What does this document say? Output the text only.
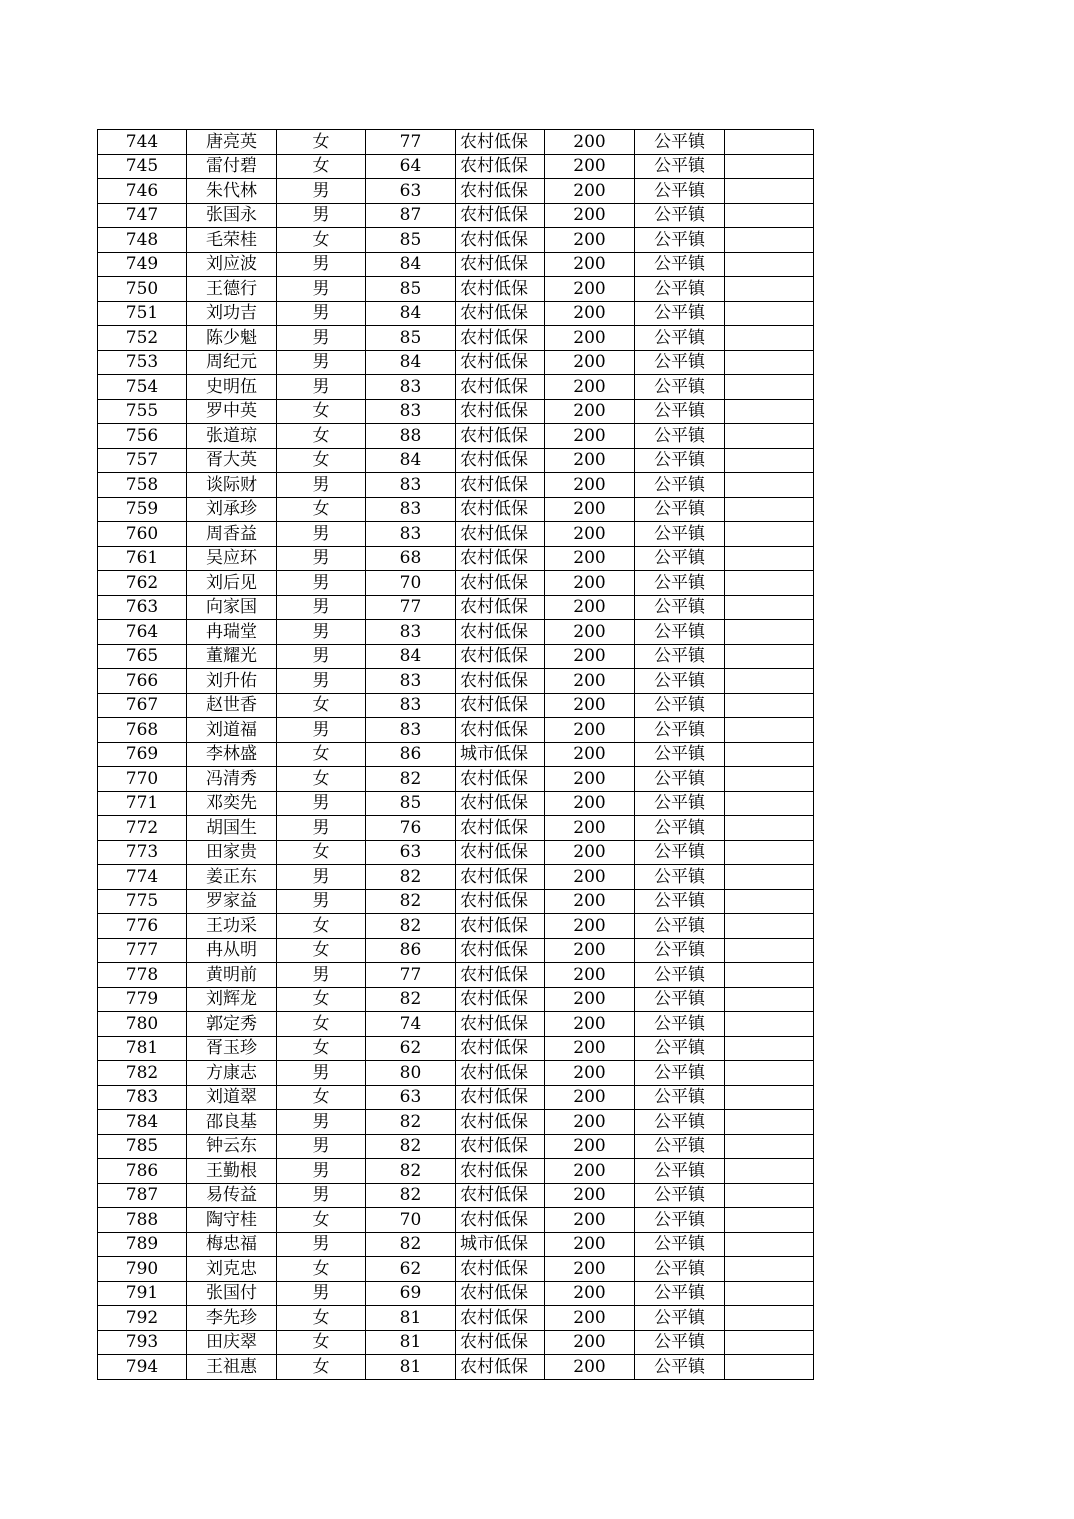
744	唐亮英	女	77	农村低保	200	公平镇	
745	雷付碧	女	64	农村低保	200	公平镇	
746	朱代林	男	63	农村低保	200	公平镇	
747	张国永	男	87	农村低保	200	公平镇	
748	毛荣桂	女	85	农村低保	200	公平镇	
749	刘应波	男	84	农村低保	200	公平镇	
750	王德行	男	85	农村低保	200	公平镇	
751	刘功吉	男	84	农村低保	200	公平镇	
752	陈少魁	男	85	农村低保	200	公平镇	
753	周纪元	男	84	农村低保	200	公平镇	
754	史明伍	男	83	农村低保	200	公平镇	
755	罗中英	女	83	农村低保	200	公平镇	
756	张道琼	女	88	农村低保	200	公平镇	
757	胥大英	女	84	农村低保	200	公平镇	
758	谈际财	男	83	农村低保	200	公平镇	
759	刘承珍	女	83	农村低保	200	公平镇	
760	周香益	男	83	农村低保	200	公平镇	
761	吴应环	男	68	农村低保	200	公平镇	
762	刘后见	男	70	农村低保	200	公平镇	
763	向家国	男	77	农村低保	200	公平镇	
764	冉瑞堂	男	83	农村低保	200	公平镇	
765	董耀光	男	84	农村低保	200	公平镇	
766	刘升佑	男	83	农村低保	200	公平镇	
767	赵世香	女	83	农村低保	200	公平镇	
768	刘道福	男	83	农村低保	200	公平镇	
769	李林盛	女	86	城市低保	200	公平镇	
770	冯清秀	女	82	农村低保	200	公平镇	
771	邓奕先	男	85	农村低保	200	公平镇	
772	胡国生	男	76	农村低保	200	公平镇	
773	田家贵	女	63	农村低保	200	公平镇	
774	姜正东	男	82	农村低保	200	公平镇	
775	罗家益	男	82	农村低保	200	公平镇	
776	王功采	女	82	农村低保	200	公平镇	
777	冉从明	女	86	农村低保	200	公平镇	
778	黄明前	男	77	农村低保	200	公平镇	
779	刘辉龙	女	82	农村低保	200	公平镇	
780	郭定秀	女	74	农村低保	200	公平镇	
781	胥玉珍	女	62	农村低保	200	公平镇	
782	方康志	男	80	农村低保	200	公平镇	
783	刘道翠	女	63	农村低保	200	公平镇	
784	邵良基	男	82	农村低保	200	公平镇	
785	钟云东	男	82	农村低保	200	公平镇	
786	王勤根	男	82	农村低保	200	公平镇	
787	易传益	男	82	农村低保	200	公平镇	
788	陶守桂	女	70	农村低保	200	公平镇	
789	梅忠福	男	82	城市低保	200	公平镇	
790	刘克忠	女	62	农村低保	200	公平镇	
791	张国付	男	69	农村低保	200	公平镇	
792	李先珍	女	81	农村低保	200	公平镇	
793	田庆翠	女	81	农村低保	200	公平镇	
794	王祖惠	女	81	农村低保	200	公平镇	
